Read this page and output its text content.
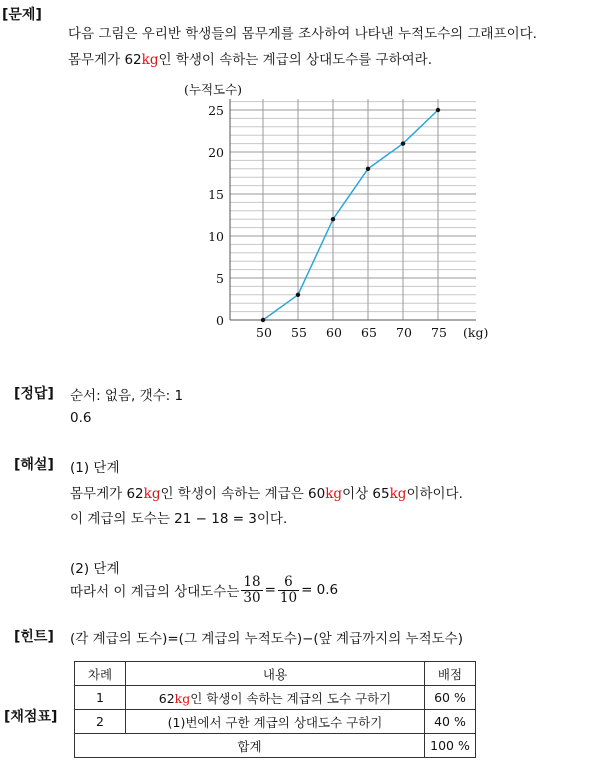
[문제]
다음 그림은 우리반 학생들의 몸무게를 조사하여 나타낸 누적도수의 그래프이다.
몸무게가 62kg인 학생이 속하는 계급의 상대도수를 구하여라.
0
5
10
15
20
25
50 55 60 65 70 75
(누적도수)
(kg)
[정답] 순서: 없음, 갯수: 1
0.6
[해설] (1) 단계
몸무게가 62kg인 학생이 속하는 계급은 60kg이상 65kg이하이다.
이 계급의 도수는 21 − 18 = 3이다.
(2) 단계
따라서 이 계급의 상대도수는 $\frac{18}{30} = \frac{6}{10} = 0.6$
[힌트] (각 계급의 도수)=(그 계급의 누적도수)−(앞 계급까지의 누적도수)
[채점표]
차례	내용	배점
1	62kg인 학생이 속하는 계급의 도수 구하기	60 %
2	(1)번에서 구한 계급의 상대도수 구하기	40 %
합계		100 %
